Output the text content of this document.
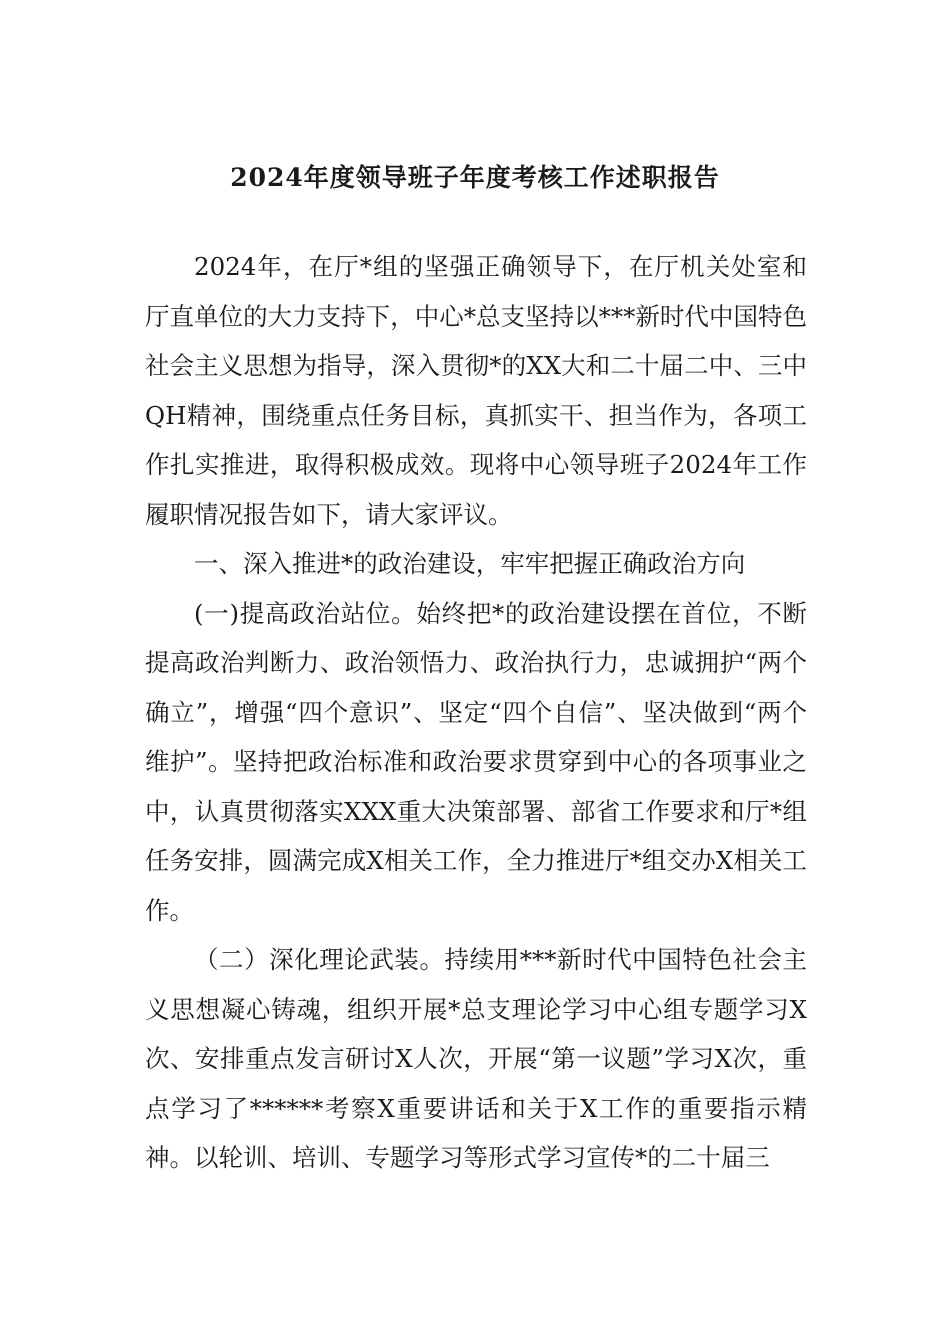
2024年度领导班子年度考核工作述职报告

2024年，在厅*组的坚强正确领导下，在厅机关处室和厅直单位的大力支持下，中心*总支坚持以***新时代中国特色社会主义思想为指导，深入贯彻*的XX大和二十届二中、三中QH精神，围绕重点任务目标，真抓实干、担当作为，各项工作扎实推进，取得积极成效。现将中心领导班子2024年工作履职情况报告如下，请大家评议。

一、深入推进*的政治建设，牢牢把握正确政治方向

(一)提高政治站位。始终把*的政治建设摆在首位，不断提高政治判断力、政治领悟力、政治执行力，忠诚拥护“两个确立”，增强“四个意识”、坚定“四个自信”、坚决做到“两个维护”。坚持把政治标准和政治要求贯穿到中心的各项事业之中，认真贯彻落实XXX重大决策部署、部省工作要求和厅*组任务安排，圆满完成X相关工作，全力推进厅*组交办X相关工作。

（二）深化理论武装。持续用***新时代中国特色社会主义思想凝心铸魂，组织开展*总支理论学习中心组专题学习X次、安排重点发言研讨X人次，开展“第一议题”学习X次，重点学习了******考察X重要讲话和关于X工作的重要指示精神。以轮训、培训、专题学习等形式学习宣传*的二十届三
